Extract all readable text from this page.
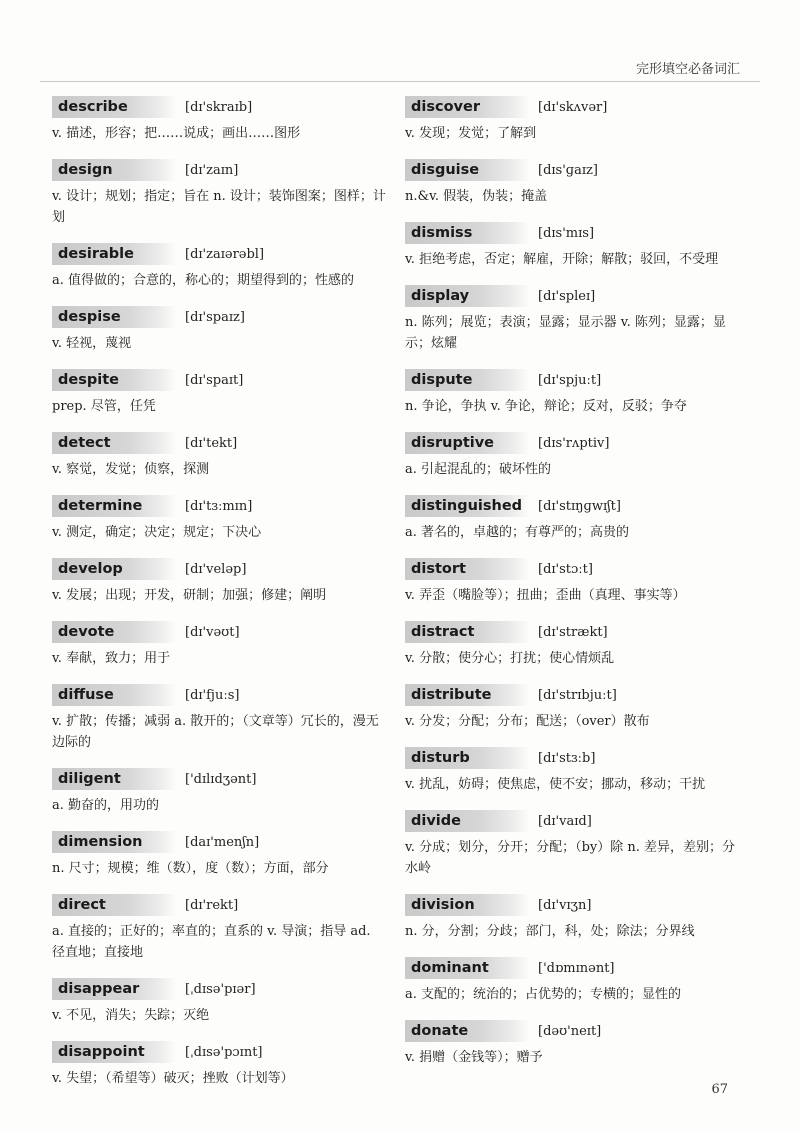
完形填空必备词汇
describe	[dɪ'skraɪb]
v. 描述，形容；把……说成；画出……图形
design	[dɪ'zaɪn]
v. 设计；规划；指定；旨在 n. 设计；装饰图案；图样；计划
desirable	[dɪ'zaɪərəbl]
a. 值得做的；合意的，称心的；期望得到的；性感的
despise	[dɪ'spaɪz]
v. 轻视，蔑视
despite	[dɪ'spaɪt]
prep. 尽管，任凭
detect	[dɪ'tekt]
v. 察觉，发觉；侦察，探测
determine	[dɪ'tɜːmɪn]
v. 测定，确定；决定；规定；下决心
develop	[dɪ'veləp]
v. 发展；出现；开发，研制；加强；修建；阐明
devote	[dɪ'vəʊt]
v. 奉献，致力；用于
diffuse	[dɪ'fjuːs]
v. 扩散；传播；减弱 a. 散开的；（文章等）冗长的，漫无边际的
diligent	['dɪlɪdʒənt]
a. 勤奋的，用功的
dimension	[daɪ'menʃn]
n. 尺寸；规模；维（数），度（数）；方面，部分
direct	[dɪ'rekt]
a. 直接的；正好的；率直的；直系的 v. 导演；指导 ad. 径直地；直接地
disappear	[ˌdɪsə'pɪər]
v. 不见，消失；失踪；灭绝
disappoint	[ˌdɪsə'pɔɪnt]
v. 失望；（希望等）破灭；挫败（计划等）
discover	[dɪ'skʌvər]
v. 发现；发觉；了解到
disguise	[dɪs'ɡaɪz]
n.&v. 假装，伪装；掩盖
dismiss	[dɪs'mɪs]
v. 拒绝考虑，否定；解雇，开除；解散；驳回，不受理
display	[dɪ'spleɪ]
n. 陈列；展览；表演；显露；显示器 v. 陈列；显露；显示；炫耀
dispute	[dɪ'spjuːt]
n. 争论，争执 v. 争论，辩论；反对，反驳；争夺
disruptive	[dɪs'rʌptiv]
a. 引起混乱的；破坏性的
distinguished	[dɪ'stɪŋɡwɪʃt]
a. 著名的，卓越的；有尊严的；高贵的
distort	[dɪ'stɔːt]
v. 弄歪（嘴脸等）；扭曲；歪曲（真理、事实等）
distract	[dɪ'strækt]
v. 分散；使分心；打扰；使心情烦乱
distribute	[dɪ'strɪbjuːt]
v. 分发；分配；分布；配送；（over）散布
disturb	[dɪ'stɜːb]
v. 扰乱，妨碍；使焦虑，使不安；挪动，移动；干扰
divide	[dɪ'vaɪd]
v. 分成；划分，分开；分配；（by）除 n. 差异，差别；分水岭
division	[dɪ'vɪʒn]
n. 分，分割；分歧；部门，科，处；除法；分界线
dominant	['dɒmɪnənt]
a. 支配的；统治的；占优势的；专横的；显性的
donate	[dəʊ'neɪt]
v. 捐赠（金钱等）；赠予
67
